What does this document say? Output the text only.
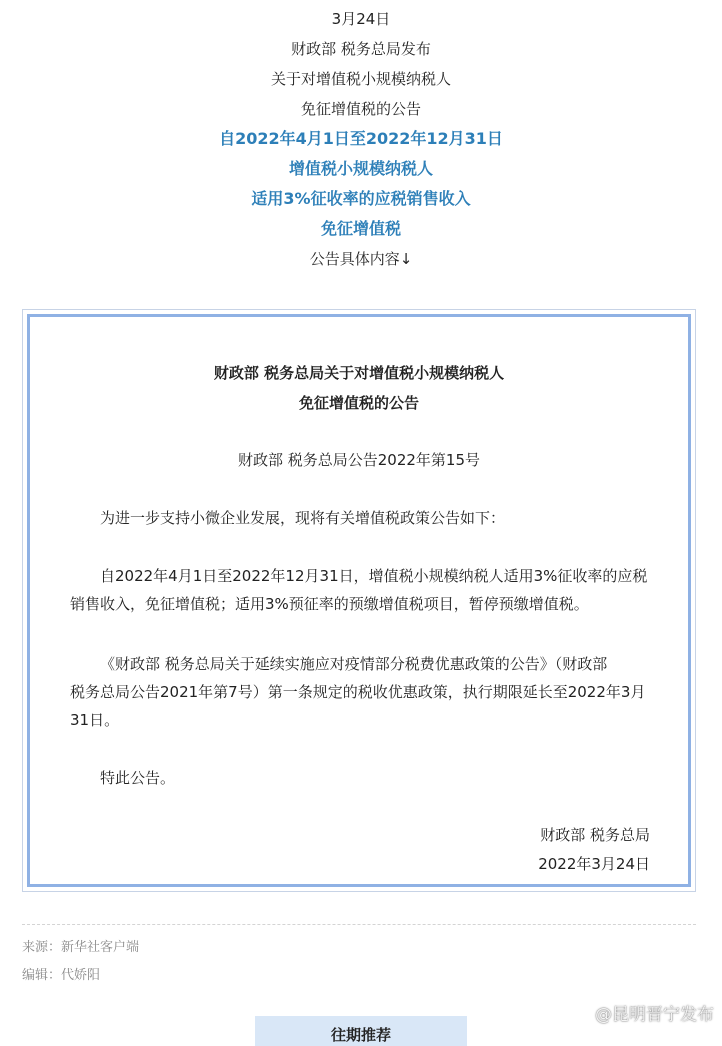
3月24日
财政部 税务总局发布
关于对增值税小规模纳税人
免征增值税的公告
自2022年4月1日至2022年12月31日
增值税小规模纳税人
适用3%征收率的应税销售收入
免征增值税
公告具体内容↓
财政部 税务总局关于对增值税小规模纳税人
免征增值税的公告
财政部 税务总局公告2022年第15号
为进一步支持小微企业发展，现将有关增值税政策公告如下：
自2022年4月1日至2022年12月31日，增值税小规模纳税人适用3%征收率的应税
销售收入，免征增值税；适用3%预征率的预缴增值税项目，暂停预缴增值税。
《财政部 税务总局关于延续实施应对疫情部分税费优惠政策的公告》（财政部
税务总局公告2021年第7号）第一条规定的税收优惠政策，执行期限延长至2022年3月
31日。
特此公告。
财政部 税务总局
2022年3月24日
来源：新华社客户端
编辑：代娇阳
往期推荐
@昆明晋宁发布
